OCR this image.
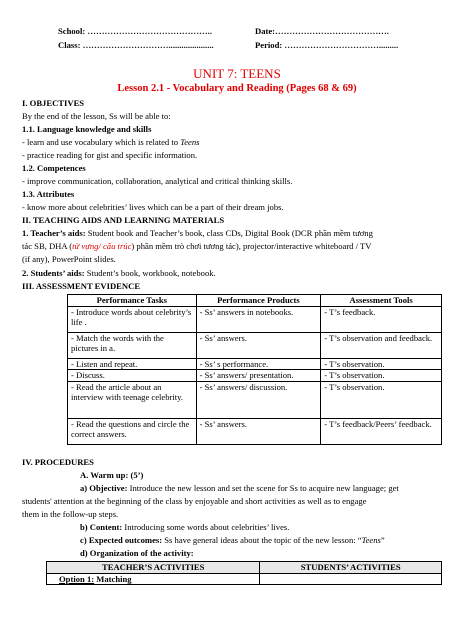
School: ……………………………………..	Date:………………………………….
Class: ………………………….....................	Period: …………………………….........
UNIT 7: TEENS
Lesson 2.1 - Vocabulary and Reading (Pages 68 & 69)
I. OBJECTIVES
By the end of the lesson, Ss will be able to:
1.1. Language knowledge and skills
- learn and use vocabulary which is related to Teens
- practice reading for gist and specific information.
1.2. Competences
- improve communication, collaboration, analytical and critical thinking skills.
1.3. Attributes
- know more about celebrities’ lives which can be a part of their dream jobs.
II. TEACHING AIDS AND LEARNING MATERIALS
1. Teacher’s aids: Student book and Teacher’s book, class CDs, Digital Book (DCR phần mềm tương
tác SB, DHA (từ vựng/ cấu trúc) phần mềm trò chơi tương tác), projector/interactive whiteboard / TV
(if any), PowerPoint slides.
2. Students’ aids: Student’s book, workbook, notebook.
III. ASSESSMENT EVIDENCE
Performance Tasks	Performance Products	Assessment Tools
- Introduce words about celebrity’s life .	- Ss’ answers in notebooks.	- T’s feedback.
- Match the words with the pictures in a.	- Ss’ answers.	- T’s observation and feedback.
- Listen and repeat.	- Ss’ s performance.	- T’s observation.
- Discuss.	- Ss’ answers/ presentation.	- T’s observation.
- Read the article about an interview with teenage celebrity.	- Ss’ answers/ discussion.	- T’s observation.
- Read the questions and circle the correct answers.	- Ss’ answers.	- T’s feedback/Peers’ feedback.
IV. PROCEDURES
A. Warm up: (5’)
a) Objective: Introduce the new lesson and set the scene for Ss to acquire new language; get
students' attention at the beginning of the class by enjoyable and short activities as well as to engage
them in the follow-up steps.
b) Content: Introducing some words about celebrities’ lives.
c) Expected outcomes: Ss have general ideas about the topic of the new lesson: “Teens”
d) Organization of the activity:
TEACHER’S ACTIVITIES	STUDENTS’ ACTIVITIES
Option 1: Matching	
